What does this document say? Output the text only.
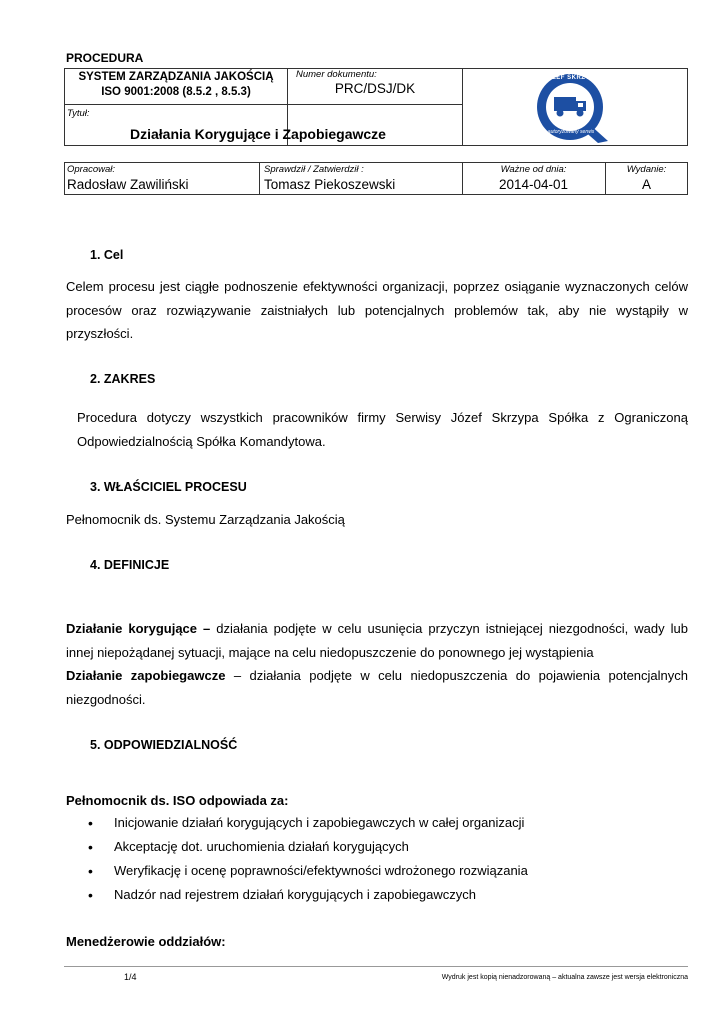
PROCEDURA
SYSTEM ZARZĄDZANIA JAKOŚCIĄ
ISO 9001:2008 (8.5.2 , 8.5.3)
Numer dokumentu:
PRC/DSJ/DK
Tytuł:
Działania Korygujące i Zapobiegawcze
JÓZEF SKRZYPA
autoryzowany serwis
Opracował:
Radosław Zawiliński
Sprawdził / Zatwierdził :
Tomasz Piekoszewski
Ważne od dnia:
2014-04-01
Wydanie:
A
1. Cel
Celem procesu jest ciągłe podnoszenie efektywności organizacji, poprzez osiąganie wyznaczonych celów procesów oraz rozwiązywanie zaistniałych lub potencjalnych problemów tak, aby nie wystąpiły w przyszłości.
2. ZAKRES
Procedura dotyczy wszystkich pracowników firmy Serwisy Józef Skrzypa Spółka z Ograniczoną Odpowiedzialnością Spółka Komandytowa.
3. WŁAŚCICIEL PROCESU
Pełnomocnik ds. Systemu Zarządzania Jakością
4. DEFINICJE
Działanie korygujące – działania podjęte w celu usunięcia przyczyn istniejącej niezgodności, wady lub innej niepożądanej sytuacji, mające na celu niedopuszczenie do ponownego jej wystąpienia
Działanie zapobiegawcze – działania podjęte w celu niedopuszczenia do pojawienia potencjalnych niezgodności.
5. ODPOWIEDZIALNOŚĆ
Pełnomocnik ds. ISO odpowiada za:
• Inicjowanie działań korygujących i zapobiegawczych w całej organizacji
• Akceptację dot. uruchomienia działań korygujących
• Weryfikację i ocenę poprawności/efektywności wdrożonego rozwiązania
• Nadzór nad rejestrem działań korygujących i zapobiegawczych
Menedżerowie oddziałów:
1/4	Wydruk jest kopią nienadzorowaną – aktualna zawsze jest wersja elektroniczna
